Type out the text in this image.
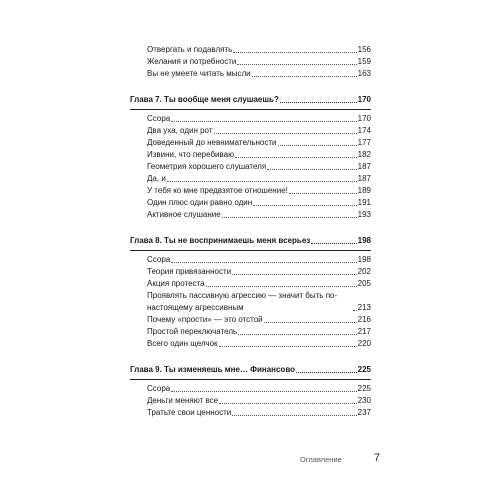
Отвергать и подавлять	156
Желания и потребности	159
Вы не умеете читать мысли	163
Глава 7. Ты вообще меня слушаешь?	170
Ссора	170
Два уха, один рот	174
Доведенный до невнимательности	177
Извини, что перебиваю	182
Геометрия хорошего слушателя	187
Да, и	187
У тебя ко мне предвзятое отношение!	189
Один плюс один равно один	191
Активное слушание	193
Глава 8. Ты не воспринимаешь меня всерьез	198
Ссора	198
Теория привязанности	202
Акция протеста	205
Проявлять пассивную агрессию — значит быть по-настоящему агрессивным	213
Почему «прости» — это отстой	216
Простой переключатель	217
Всего один щелчок	220
Глава 9. Ты изменяешь мне… Финансово	225
Ссора	225
Деньги меняют все	230
Тратьте свои ценности	237
Оглавление	7
